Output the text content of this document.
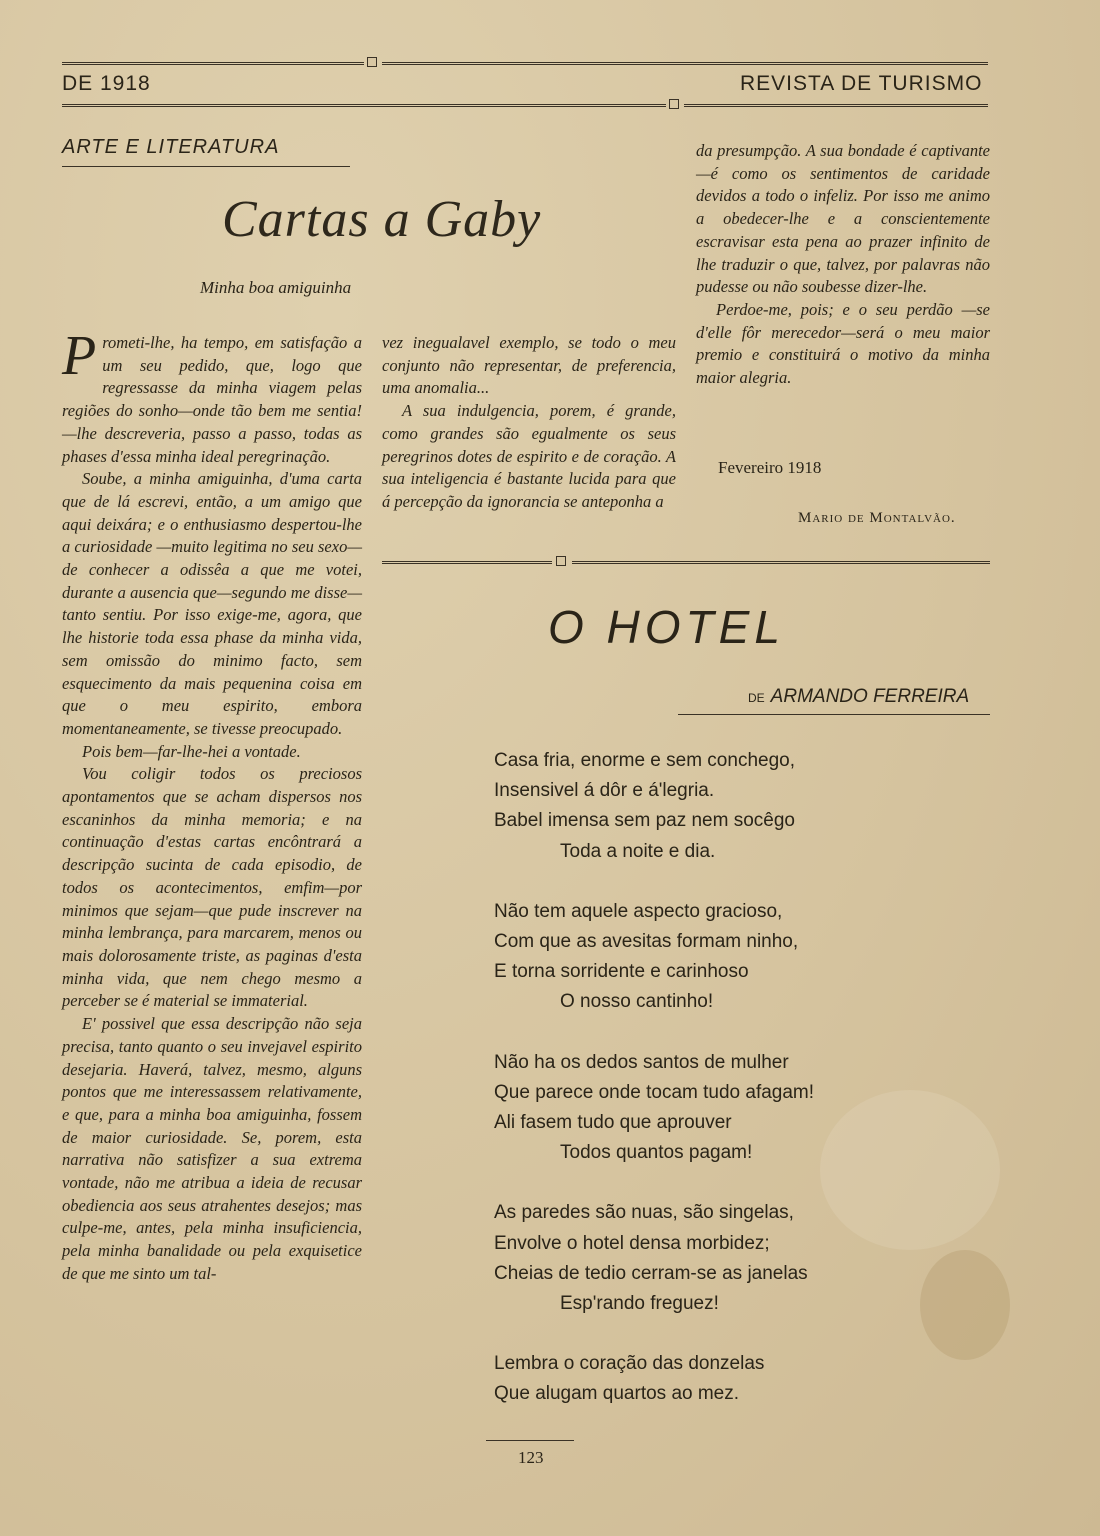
DE 1918	REVISTA DE TURISMO
ARTE E LITERATURA
Cartas a Gaby
Minha boa amiguinha

Prometi-lhe, ha tempo, em satisfação a um seu pedido, que, logo que regressasse da minha viagem pelas regiões do sonho—onde tão bem me sentia!—lhe descreveria, passo a passo, todas as phases d'essa minha ideal peregrinação.

Soube, a minha amiguinha, d'uma carta que de lá escrevi, então, a um amigo que aqui deixára; e o enthusiasmo despertou-lhe a curiosidade —muito legitima no seu sexo—de conhecer a odissêa a que me votei, durante a ausencia que—segundo me disse—tanto sentiu. Por isso exige-me, agora, que lhe historie toda essa phase da minha vida, sem omissão do minimo facto, sem esquecimento da mais pequenina coisa em que o meu espirito, embora momentaneamente, se tivesse preocupado.

Pois bem—far-lhe-hei a vontade.

Vou coligir todos os preciosos apontamentos que se acham dispersos nos escaninhos da minha memoria; e na continuação d'estas cartas encôntrará a descripção sucinta de cada episodio, de todos os acontecimentos, emfim—por minimos que sejam—que pude inscrever na minha lembrança, para marcarem, menos ou mais dolorosamente triste, as paginas d'esta minha vida, que nem chego mesmo a perceber se é material se immaterial.

E' possivel que essa descripção não seja precisa, tanto quanto o seu invejavel espirito desejaria. Haverá, talvez, mesmo, alguns pontos que me interessassem relativamente, e que, para a minha boa amiguinha, fossem de maior curiosidade. Se, porem, esta narrativa não satisfizer a sua extrema vontade, não me atribua a ideia de recusar obediencia aos seus atrahentes desejos; mas culpe-me, antes, pela minha insuficiencia, pela minha banalidade ou pela exquisetice de que me sinto um tal-

vez inegualavel exemplo, se todo o meu conjunto não representar, de preferencia, uma anomalia...

A sua indulgencia, porem, é grande, como grandes são egualmente os seus peregrinos dotes de espirito e de coração. A sua inteligencia é bastante lucida para que á percepção da ignorancia se anteponha a

da presumpção. A sua bondade é captivante—é como os sentimentos de caridade devidos a todo o infeliz. Por isso me animo a obedecer-lhe e a conscientemente escravisar esta pena ao prazer infinito de lhe traduzir o que, talvez, por palavras não pudesse ou não soubesse dizer-lhe.

Perdoe-me, pois; e o seu perdão —se d'elle fôr merecedor—será o meu maior premio e constituirá o motivo da minha maior alegria.

Fevereiro 1918
Mario de Montalvão.
O HOTEL
DE ARMANDO FERREIRA
Casa fria, enorme e sem conchego,
Insensivel á dôr e á'legria.
Babel imensa sem paz nem socêgo
Toda a noite e dia.
Não tem aquele aspecto gracioso,
Com que as avesitas formam ninho,
E torna sorridente e carinhoso
O nosso cantinho!
Não ha os dedos santos de mulher
Que parece onde tocam tudo afagam!
Ali fasem tudo que aprouver
Todos quantos pagam!
As paredes são nuas, são singelas,
Envolve o hotel densa morbidez;
Cheias de tedio cerram-se as janelas
Esp'rando freguez!
Lembra o coração das donzelas
Que alugam quartos ao mez.
123
